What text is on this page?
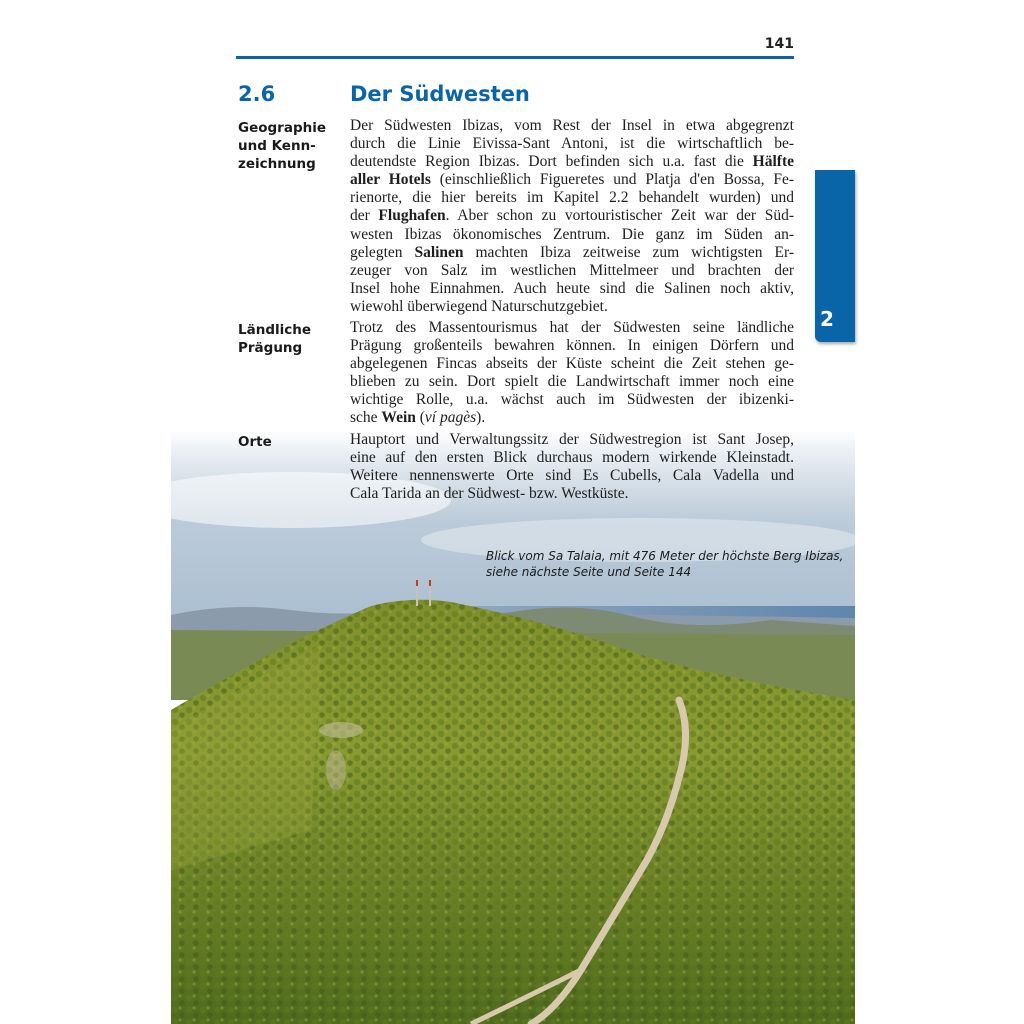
141
2.6	Der Südwesten
Geographie
und Kenn-
zeichnung
Ländliche
Prägung
Orte
Der Südwesten Ibizas, vom Rest der Insel in etwa abgegrenzt
durch die Linie Eivissa-Sant Antoni, ist die wirtschaftlich be-
deutendste Region Ibizas. Dort befinden sich u.a. fast die Hälfte
aller Hotels (einschließlich Figueretes und Platja d'en Bossa, Fe-
rienorte, die hier bereits im Kapitel 2.2 behandelt wurden) und
der Flughafen. Aber schon zu vortouristischer Zeit war der Süd-
westen Ibizas ökonomisches Zentrum. Die ganz im Süden an-
gelegten Salinen machten Ibiza zeitweise zum wichtigsten Er-
zeuger von Salz im westlichen Mittelmeer und brachten der
Insel hohe Einnahmen. Auch heute sind die Salinen noch aktiv,
wiewohl überwiegend Naturschutzgebiet.
Trotz des Massentourismus hat der Südwesten seine ländliche
Prägung großenteils bewahren können. In einigen Dörfern und
abgelegenen Fincas abseits der Küste scheint die Zeit stehen ge-
blieben zu sein. Dort spielt die Landwirtschaft immer noch eine
wichtige Rolle, u.a. wächst auch im Südwesten der ibizenki-
sche Wein (ví pagès).
Hauptort und Verwaltungssitz der Südwestregion ist Sant Josep,
eine auf den ersten Blick durchaus modern wirkende Kleinstadt.
Weitere nennenswerte Orte sind Es Cubells, Cala Vadella und
Cala Tarida an der Südwest- bzw. Westküste.
2
Blick vom Sa Talaia, mit 476 Meter der höchste Berg Ibizas,
siehe nächste Seite und Seite 144
